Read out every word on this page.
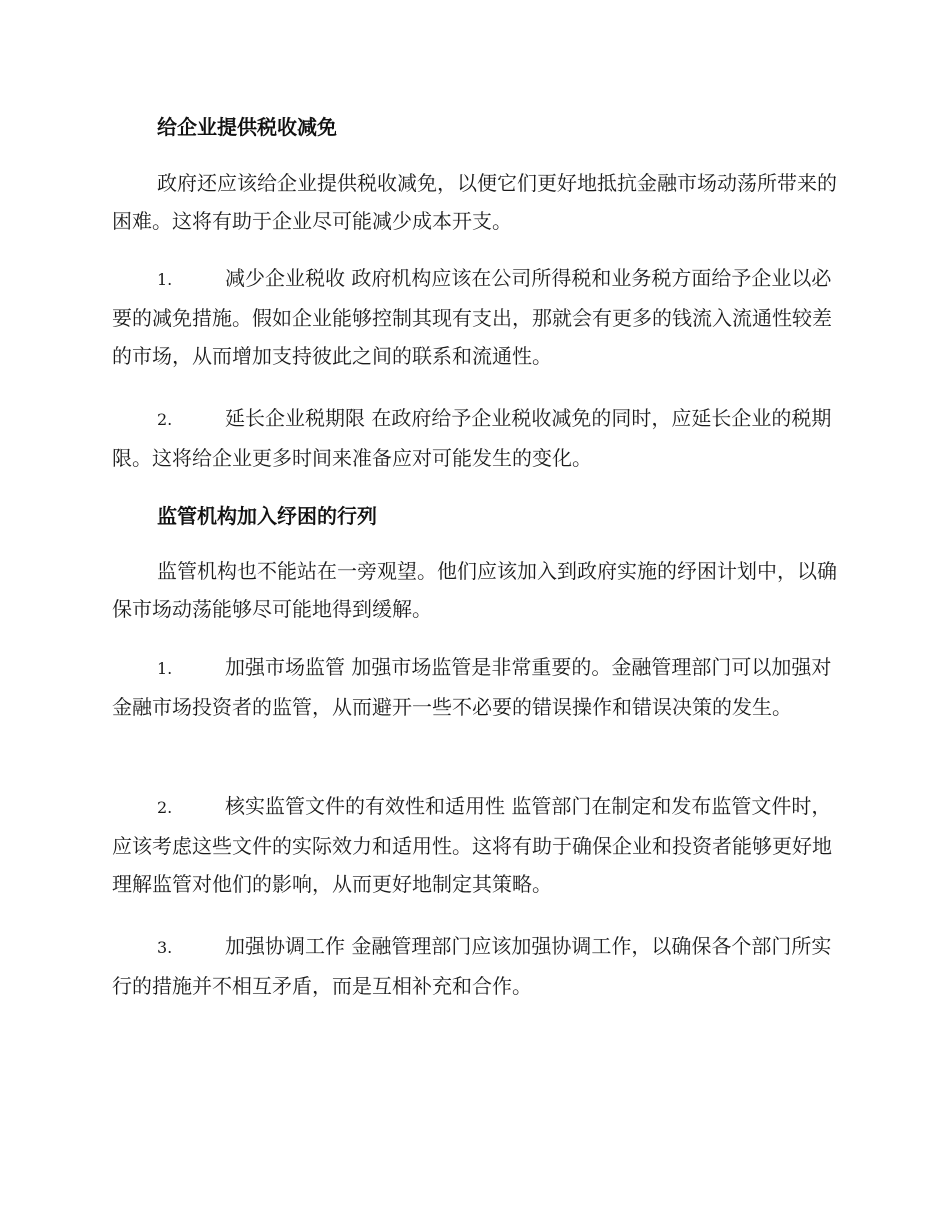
给企业提供税收减免

政府还应该给企业提供税收减免，以便它们更好地抵抗金融市场动荡所带来的困难。这将有助于企业尽可能减少成本开支。

1.	减少企业税收 政府机构应该在公司所得税和业务税方面给予企业以必要的减免措施。假如企业能够控制其现有支出，那就会有更多的钱流入流通性较差的市场，从而增加支持彼此之间的联系和流通性。

2.	延长企业税期限 在政府给予企业税收减免的同时，应延长企业的税期限。这将给企业更多时间来准备应对可能发生的变化。

监管机构加入纾困的行列

监管机构也不能站在一旁观望。他们应该加入到政府实施的纾困计划中，以确保市场动荡能够尽可能地得到缓解。

1.	加强市场监管 加强市场监管是非常重要的。金融管理部门可以加强对金融市场投资者的监管，从而避开一些不必要的错误操作和错误决策的发生。

2.	核实监管文件的有效性和适用性 监管部门在制定和发布监管文件时，应该考虑这些文件的实际效力和适用性。这将有助于确保企业和投资者能够更好地理解监管对他们的影响，从而更好地制定其策略。

3.	加强协调工作 金融管理部门应该加强协调工作，以确保各个部门所实行的措施并不相互矛盾，而是互相补充和合作。
